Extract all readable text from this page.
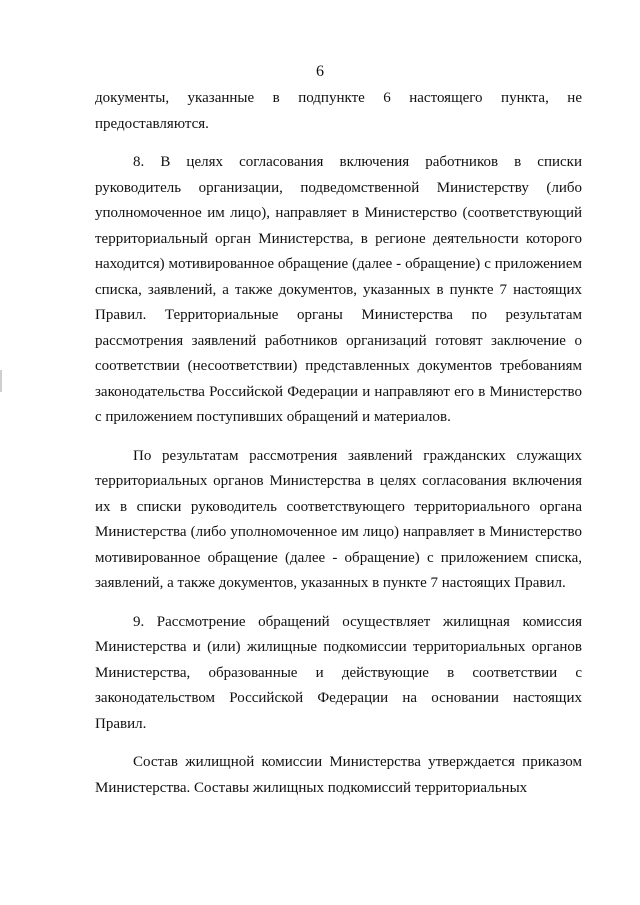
6

документы, указанные в подпункте 6 настоящего пункта, не предоставляются.

8. В целях согласования включения работников в списки руководитель организации, подведомственной Министерству (либо уполномоченное им лицо), направляет в Министерство (соответствующий территориальный орган Министерства, в регионе деятельности которого находится) мотивированное обращение (далее - обращение) с приложением списка, заявлений, а также документов, указанных в пункте 7 настоящих Правил. Территориальные органы Министерства по результатам рассмотрения заявлений работников организаций готовят заключение о соответствии (несоответствии) представленных документов требованиям законодательства Российской Федерации и направляют его в Министерство с приложением поступивших обращений и материалов.

По результатам рассмотрения заявлений гражданских служащих территориальных органов Министерства в целях согласования включения их в списки руководитель соответствующего территориального органа Министерства (либо уполномоченное им лицо) направляет в Министерство мотивированное обращение (далее - обращение) с приложением списка, заявлений, а также документов, указанных в пункте 7 настоящих Правил.

9. Рассмотрение обращений осуществляет жилищная комиссия Министерства и (или) жилищные подкомиссии территориальных органов Министерства, образованные и действующие в соответствии с законодательством Российской Федерации на основании настоящих Правил.

Состав жилищной комиссии Министерства утверждается приказом Министерства. Составы жилищных подкомиссий территориальных
